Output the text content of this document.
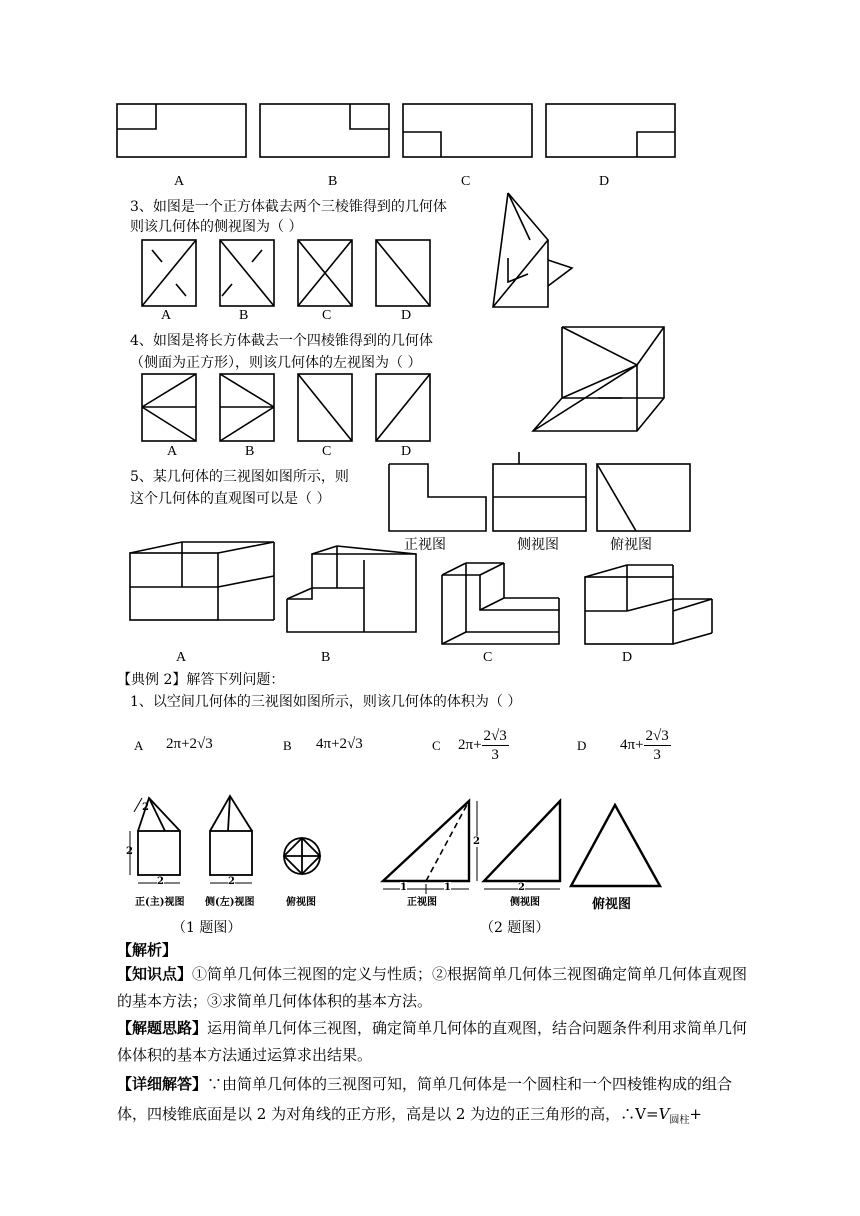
A	B	C	D
3、如图是一个正方体截去两个三棱锥得到的几何体
则该几何体的侧视图为（ ）
A	B	C	D
4、如图是将长方体截去一个四棱锥得到的几何体
（侧面为正方形），则该几何体的左视图为（ ）
A	B	C	D
5、某几何体的三视图如图所示，则
这个几何体的直观图可以是（ ）
正视图	侧视图	俯视图
A	B	C	D
【典例 2】解答下列问题：
1、以空间几何体的三视图如图所示，则该几何体的体积为（ ）
A 2π+2√3	B 4π+2√3	C $2\pi+ \frac{2√3}{3}$	D $4\pi+ \frac{2√3}{3}$
2
2
2	2
正(主)视图 侧(左)视图	俯视图
（1 题图）
1	1
2
2
正视图	侧视图	俯视图
（2 题图）
【解析】
【知识点】①简单几何体三视图的定义与性质；②根据简单几何体三视图确定简单几何体直观图的基本方法；③求简单几何体体积的基本方法。
【解题思路】运用简单几何体三视图，确定简单几何体的直观图，结合问题条件利用求简单几何体体积的基本方法通过运算求出结果。
【详细解答】∵由简单几何体的三视图可知，简单几何体是一个圆柱和一个四棱锥构成的组合体，四棱锥底面是以 2 为对角线的正方形，高是以 2 为边的正三角形的高，$\therefore V=V_{圆柱}+$
